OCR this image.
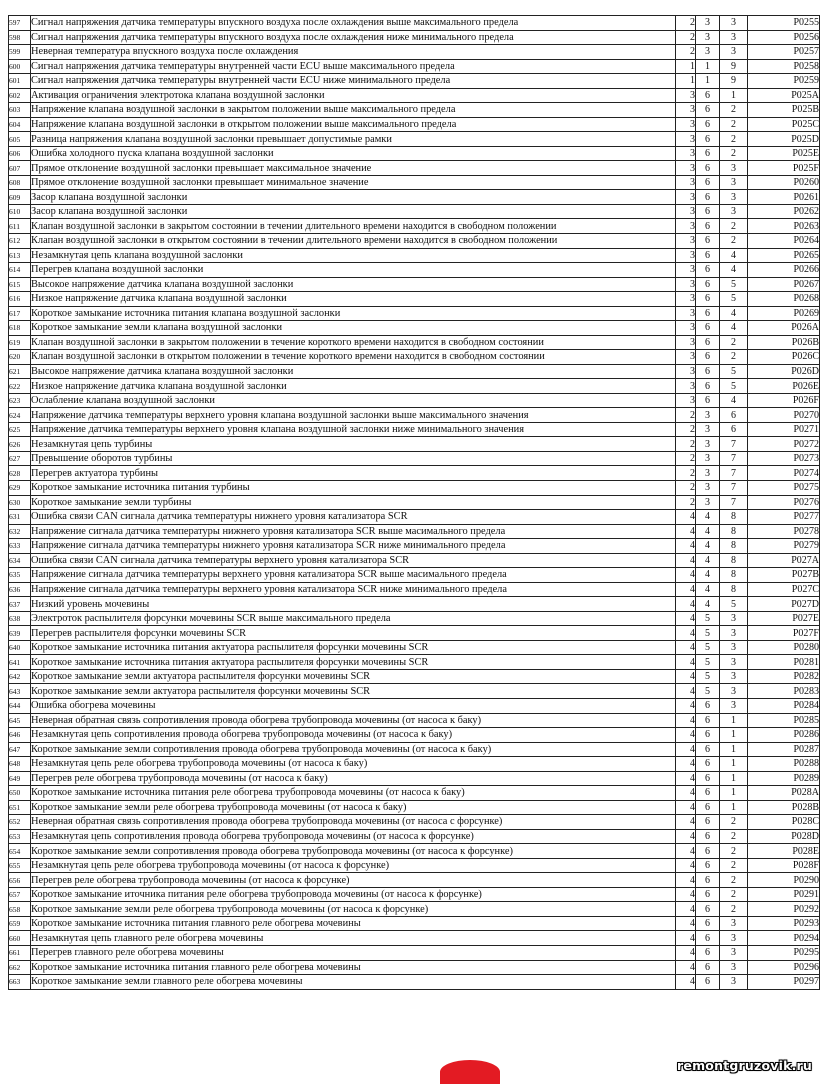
597	Сигнал напряжения датчика температуры впускного воздуха после охлаждения выше максимального предела	2	3	3	P0255
598	Сигнал напряжения датчика температуры впускного воздуха после охлаждения ниже минимального предела	2	3	3	P0256
599	Неверная температура впускного воздуха после охлаждения	2	3	3	P0257
600	Сигнал напряжения датчика температуры внутренней части ECU выше максимального предела	1	1	9	P0258
601	Сигнал напряжения датчика температуры внутренней части ECU ниже минимального предела	1	1	9	P0259
602	Активация ограничения электротока клапана воздушной заслонки	3	6	1	P025A
603	Напряжение клапана воздушной заслонки в закрытом положении выше максимального предела	3	6	2	P025B
604	Напряжение клапана воздушной заслонки в открытом положении выше максимального предела	3	6	2	P025C
605	Разница напряжения клапана воздушной заслонки превышает допустимые рамки	3	6	2	P025D
606	Ошибка холодного пуска клапана воздушной заслонки	3	6	2	P025E
607	Прямое отклонение воздушной заслонки превышает максимальное значение	3	6	3	P025F
608	Прямое отклонение воздушной заслонки превышает минимальное значение	3	6	3	P0260
609	Засор клапана воздушной заслонки	3	6	3	P0261
610	Засор клапана воздушной заслонки	3	6	3	P0262
611	Клапан воздушной заслонки в закрытом состоянии в течении длительного времени находится в свободном положении	3	6	2	P0263
612	Клапан воздушной заслонки в открытом состоянии в течении длительного времени находится в свободном положении	3	6	2	P0264
613	Незамкнутая цепь клапана воздушной заслонки	3	6	4	P0265
614	Перегрев клапана воздушной заслонки	3	6	4	P0266
615	Высокое напряжение датчика клапана воздушной заслонки	3	6	5	P0267
616	Низкое напряжение датчика клапана воздушной заслонки	3	6	5	P0268
617	Короткое замыкание источника питания клапана воздушной заслонки	3	6	4	P0269
618	Короткое замыкание земли клапана воздушной заслонки	3	6	4	P026A
619	Клапан воздушной заслонки в закрытом положении в течение короткого времени находится в свободном состоянии	3	6	2	P026B
620	Клапан воздушной заслонки в открытом положении в течение короткого времени находится в свободном состоянии	3	6	2	P026C
621	Высокое напряжение датчика клапана воздушной заслонки	3	6	5	P026D
622	Низкое напряжение датчика клапана воздушной заслонки	3	6	5	P026E
623	Ослабление клапана воздушной заслонки	3	6	4	P026F
624	Напряжение датчика температуры верхнего уровня клапана воздушной заслонки выше максимального значения	2	3	6	P0270
625	Напряжение датчика температуры верхнего уровня клапана воздушной заслонки ниже минимального значения	2	3	6	P0271
626	Незамкнутая цепь турбины	2	3	7	P0272
627	Превышение оборотов турбины	2	3	7	P0273
628	Перегрев актуатора турбины	2	3	7	P0274
629	Короткое замыкание источника питания турбины	2	3	7	P0275
630	Короткое замыкание земли турбины	2	3	7	P0276
631	Ошибка связи CAN сигнала датчика температуры нижнего уровня катализатора SCR	4	4	8	P0277
632	Напряжение сигнала датчика температуры нижнего уровня катализатора SCR выше масимального предела	4	4	8	P0278
633	Напряжение сигнала датчика температуры нижнего уровня катализатора SCR ниже минимального предела	4	4	8	P0279
634	Ошибка связи CAN сигнала датчика температуры верхнего уровня катализатора SCR	4	4	8	P027A
635	Напряжение сигнала датчика температуры верхнего уровня катализатора SCR выше масимального предела	4	4	8	P027B
636	Напряжение сигнала датчика температуры верхнего уровня катализатора SCR ниже минимального предела	4	4	8	P027C
637	Низкий уровень мочевины	4	4	5	P027D
638	Электроток распылителя форсунки мочевины SCR выше максимального предела	4	5	3	P027E
639	Перегрев распылителя форсунки мочевины SCR	4	5	3	P027F
640	Короткое замыкание источника питания актуатора распылителя форсунки мочевины SCR	4	5	3	P0280
641	Короткое замыкание источника питания актуатора распылителя форсунки мочевины SCR	4	5	3	P0281
642	Короткое замыкание земли актуатора распылителя форсунки мочевины SCR	4	5	3	P0282
643	Короткое замыкание земли актуатора распылителя форсунки мочевины SCR	4	5	3	P0283
644	Ошибка обогрева мочевины	4	6	3	P0284
645	Неверная обратная связь сопротивления провода обогрева трубопровода мочевины (от насоса к баку)	4	6	1	P0285
646	Незамкнутая цепь сопротивления провода обогрева трубопровода мочевины (от насоса к баку)	4	6	1	P0286
647	Короткое замыкание земли сопротивления провода обогрева трубопровода мочевины (от насоса к баку)	4	6	1	P0287
648	Незамкнутая цепь реле обогрева трубопровода мочевины (от насоса к баку)	4	6	1	P0288
649	Перегрев реле обогрева трубопровода мочевины (от насоса к баку)	4	6	1	P0289
650	Короткое замыкание источника питания реле обогрева трубопровода мочевины (от насоса к баку)	4	6	1	P028A
651	Короткое замыкание земли реле обогрева трубопровода мочевины (от насоса к баку)	4	6	1	P028B
652	Неверная обратная связь сопротивления провода обогрева трубопровода мочевины (от насоса с форсунке)	4	6	2	P028C
653	Незамкнутая цепь сопротивления провода обогрева трубопровода мочевины (от насоса к форсунке)	4	6	2	P028D
654	Короткое замыкание земли сопротивления провода обогрева трубопровода мочевины (от насоса к форсунке)	4	6	2	P028E
655	Незамкнутая цепь реле обогрева трубопровода мочевины (от насоса к форсунке)	4	6	2	P028F
656	Перегрев реле обогрева трубопровода мочевины (от насоса к форсунке)	4	6	2	P0290
657	Короткое замыкание иточника питания реле обогрева трубопровода мочевины (от насоса к форсунке)	4	6	2	P0291
658	Короткое замыкание земли реле обогрева трубопровода мочевины (от насоса к форсунке)	4	6	2	P0292
659	Короткое замыкание источника питания главного реле обогрева мочевины	4	6	3	P0293
660	Незамкнутая цепь главного реле обогрева мочевины	4	6	3	P0294
661	Перегрев главного реле обогрева мочевины	4	6	3	P0295
662	Короткое замыкание источника питания главного реле обогрева мочевины	4	6	3	P0296
663	Короткое замыкание земли главного реле обогрева мочевины	4	6	3	P0297
remontgruzovik.ru
